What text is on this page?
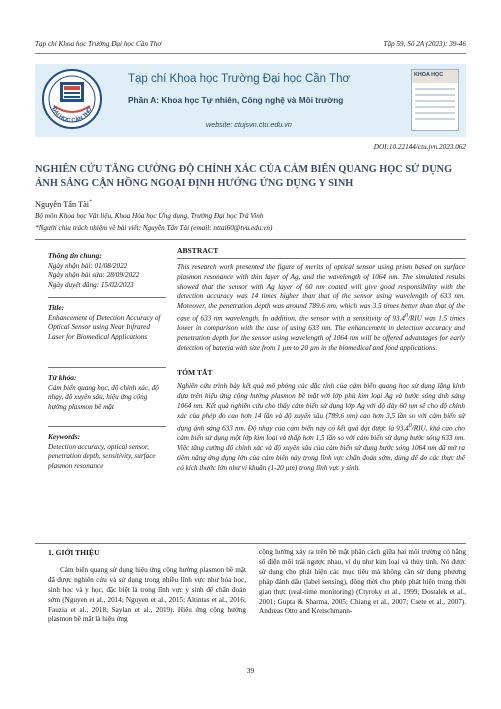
Tạp chí Khoa học Trường Đại học Cần Thơ	Tập 59, Số 2A (2023): 39-46
ĐẠI HỌC CẦN THƠ
Tạp chí Khoa học Trường Đại học Cần Thơ
Phần A: Khoa học Tự nhiên, Công nghệ và Môi trường
website: ctujsvn.ctu.edu.vn
KHOA HỌC
DOI:10.22144/ctu.jvn.2023.062
NGHIÊN CỨU TĂNG CƯỜNG ĐỘ CHÍNH XÁC CỦA CẢM BIẾN QUANG HỌC SỬ DỤNG ÁNH SÁNG CẬN HỒNG NGOẠI ĐỊNH HƯỚNG ỨNG DỤNG Y SINH
Nguyễn Tấn Tài*
Bộ môn Khoa học Vật liệu, Khoa Hóa học Ứng dụng, Trường Đại học Trà Vinh
*Người chịu trách nhiệm về bài viết: Nguyễn Tấn Tài (email: nttai60@tvu.edu.vn)
Thông tin chung:

Ngày nhận bài: 01/08/2022

Ngày nhận bài sửa: 28/09/2022

Ngày duyệt đăng: 15/02/2023

Title:

Enhancement of Detection Accuracy of Optical Sensor using Near Infrared Laser for Biomedical Applications

Từ khóa:

Cảm biến quang học, độ chính xác, độ nhạy, độ xuyên sâu, hiệu ứng cộng hưởng plasmon bề mặt

Keywords:

Detection accuracy, optical sensor, penetration depth, sensitivity, surface plasmon resonance

ABSTRACT

This research work presented the figure of merits of optical sensor using prism based on surface plasmon resonance with thin layer of Ag, and the wavelength of 1064 nm. The simulated results showed that the sensor with Ag layer of 60 nm coated will give good responsibility with the detection accuracy was 14 times higher than that of the sensor using wavelength of 633 nm. Moreover, the penetration depth was around 789.6 nm, which was 3.5 times better than that of the case of 633 nm wavelength. In addition, the sensor with a sensitivity of 93.4$^0$/RIU was 1.5 times lower in comparison with the case of using 633 nm. The enhancement in detection accuracy and penetration depth for the sensor using wavelength of 1064 nm will be offered advantages for early detection of bateria with size from 1 µm to 20 µm in the biomedical and food applications.

TÓM TẮT

Nghiên cứu trình bày kết quả mô phỏng các đặc tính của cảm biến quang học sử dụng lăng kính dựa trên hiệu ứng cộng hưởng plasmon bề mặt với lớp phủ kim loại Ag và bước sóng ánh sáng 1064 nm. Kết quả nghiên cứu cho thấy cảm biến sử dụng lớp Ag với độ dày 60 nm sẽ cho độ chính xác của phép đo cao hơn 14 lần và độ xuyên sâu (789,6 nm) cao hơn 3,5 lần so với cảm biến sử dụng ánh sáng 633 nm. Độ nhạy của cảm biến này có kết quả đạt được là 93,4$^0$/RIU, khá cao cho cảm biến sử dụng một lớp kim loại và thấp hơn 1,5 lần so với cảm biến sử dụng bước sóng 633 nm. Việc tăng cường độ chính xác và độ xuyên sâu của cảm biến sử dụng bước sóng 1064 nm đã mở ra tiềm năng ứng dụng lớn của cảm biến này trong lĩnh vực chẩn đoán sớm, dùng để đo các thực thể có kích thước lớn như vi khuẩn (1-20 µm) trong lĩnh vực y sinh.

1. GIỚI THIỆU

Cảm biến quang sử dụng hiệu ứng cộng hưởng plasmon bề mặt đã được nghiên cứu và sử dụng trong nhiều lĩnh vực như hóa học, sinh học và y học, đặc biệt là trong lĩnh vực y sinh để chẩn đoán sớm (Nguyen et al., 2014; Nguyen et al., 2015; Altintas et al., 2016; Fauzia et al., 2018; Saylan et al., 2019). Hiệu ứng cộng hưởng plasmon bề mặt là hiệu ứng

cộng hưởng xảy ra trên bề mặt phân cách giữa hai môi trường có hằng số điện môi trái ngược nhau, ví dụ như kim loại và thủy tinh. Nó được sử dụng cho phát hiện các mục tiêu mà không cần sử dụng phương pháp đánh dấu (label sensing), đồng thời cho phép phát hiện trong thời gian thực (real-time monitoring) (Ctyroky et al., 1999; Dostalek et al., 2001; Gupta & Sharma, 2005; Chiang et al., 2007; Csete et al., 2007). Andreas Otto and Kretschmann-

39
